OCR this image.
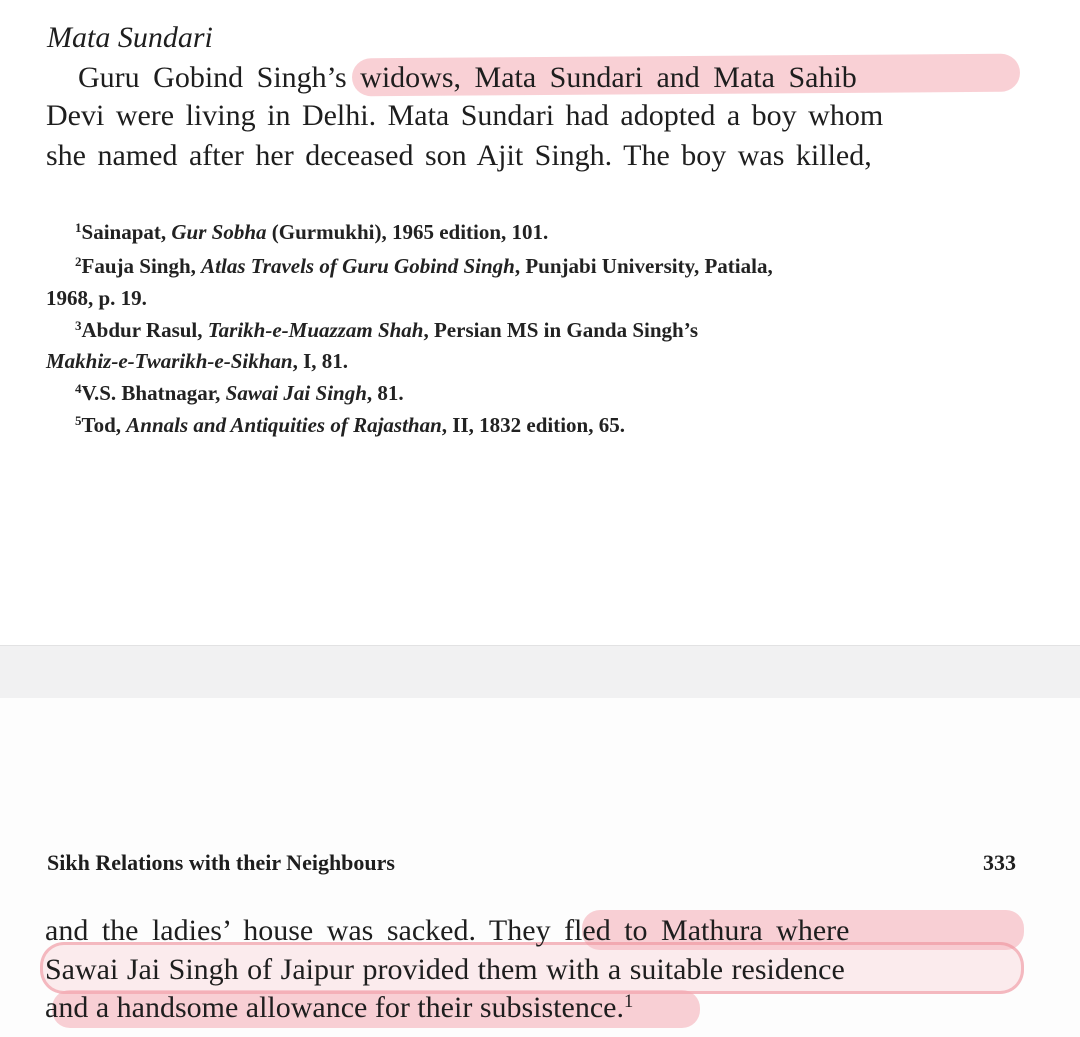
Mata Sundari
Guru Gobind Singh’s widows, Mata Sundari and Mata Sahib
Devi were living in Delhi. Mata Sundari had adopted a boy whom
she named after her deceased son Ajit Singh. The boy was killed,
$^1$Sainapat, Gur Sobha (Gurmukhi), 1965 edition, 101.
$^2$Fauja Singh, Atlas Travels of Guru Gobind Singh, Punjabi University, Patiala,
1968, p. 19.
$^3$Abdur Rasul, Tarikh-e-Muazzam Shah, Persian MS in Ganda Singh’s
Makhiz-e-Twarikh-e-Sikhan, I, 81.
$^4$V.S. Bhatnagar, Sawai Jai Singh, 81.
$^5$Tod, Annals and Antiquities of Rajasthan, II, 1832 edition, 65.
Sikh Relations with their Neighbours	333
and the ladies’ house was sacked. They fled to Mathura where
Sawai Jai Singh of Jaipur provided them with a suitable residence
and a handsome allowance for their subsistence.$^1$
